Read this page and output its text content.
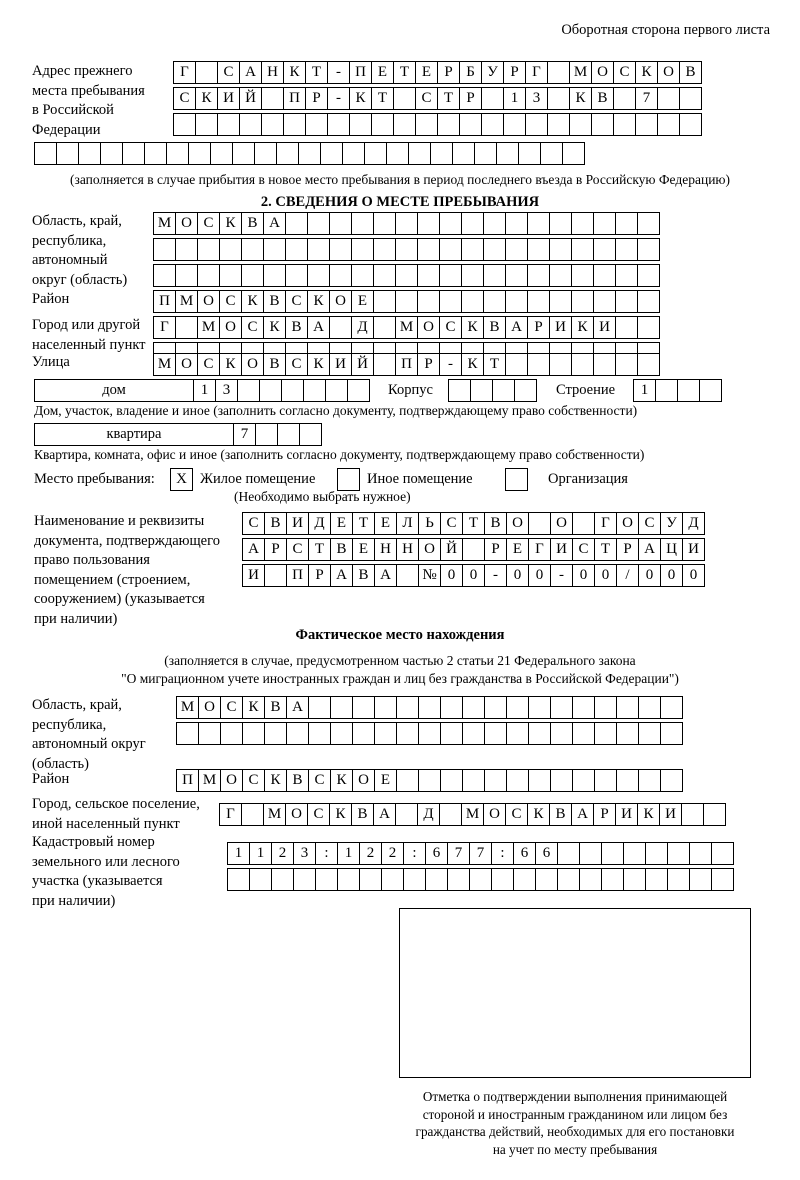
Оборотная сторона первого листа
Адрес прежнего
места пребывания
в Российской
Федерации
Г	С А Н К Т - П Е Т Е Р Б У Р Г	М О С К О В
С К И Й	П Р	- К Т	С Т Р	1 3	К В	7
(заполняется в случае прибытия в новое место пребывания в период последнего въезда в Российскую Федерацию)
2. СВЕДЕНИЯ О МЕСТЕ ПРЕБЫВАНИЯ
Область, край,
республика,
автономный
округ (область)
М О С К В А
Район	П М О С К В С К О Е
Город или другой
населенный пункт
Г	М О С К В А	Д	М О С К В А Р И К И
Улица	М О С К О В С К И Й	П Р	- К Т
дом	1 3	Корпус	Строение	1
Дом, участок, владение и иное (заполнить согласно документу, подтверждающему право собственности)
квартира	7
Квартира, комната, офис и иное (заполнить согласно документу, подтверждающему право собственности)
Место пребывания:	Х Жилое помещение	Иное помещение	Организация
(Необходимо выбрать нужное)
Наименование и реквизиты
документа, подтверждающего
право пользования
помещением (строением,
сооружением) (указывается
при наличии)
С В И Д Е Т Е Л Ь С Т В О	О	Г О С У Д
А Р С Т В Е Н Н О Й	Р Е Г И С Т Р А Ц И
И	П Р А В А	№ 0 0	-	0 0	-	0 0	/	0 0 0
Фактическое место нахождения
(заполняется в случае, предусмотренном частью 2 статьи 21 Федерального закона
"О миграционном учете иностранных граждан и лиц без гражданства в Российской Федерации")
Область, край,
республика,
автономный округ
(область)
М О С К В А
Район	П М О С К В С К О Е
Город, сельское поселение,
иной населенный пункт
Г	М О С К В А	Д	М О С К В А Р И К И
Кадастровый номер
земельного или лесного
участка (указывается
при наличии)
1 1 2 3	:	1 2 2	:	6 7 7	:	6 6
Отметка о подтверждении выполнения принимающей
стороной и иностранным гражданином или лицом без
гражданства действий, необходимых для его постановки
на учет по месту пребывания
